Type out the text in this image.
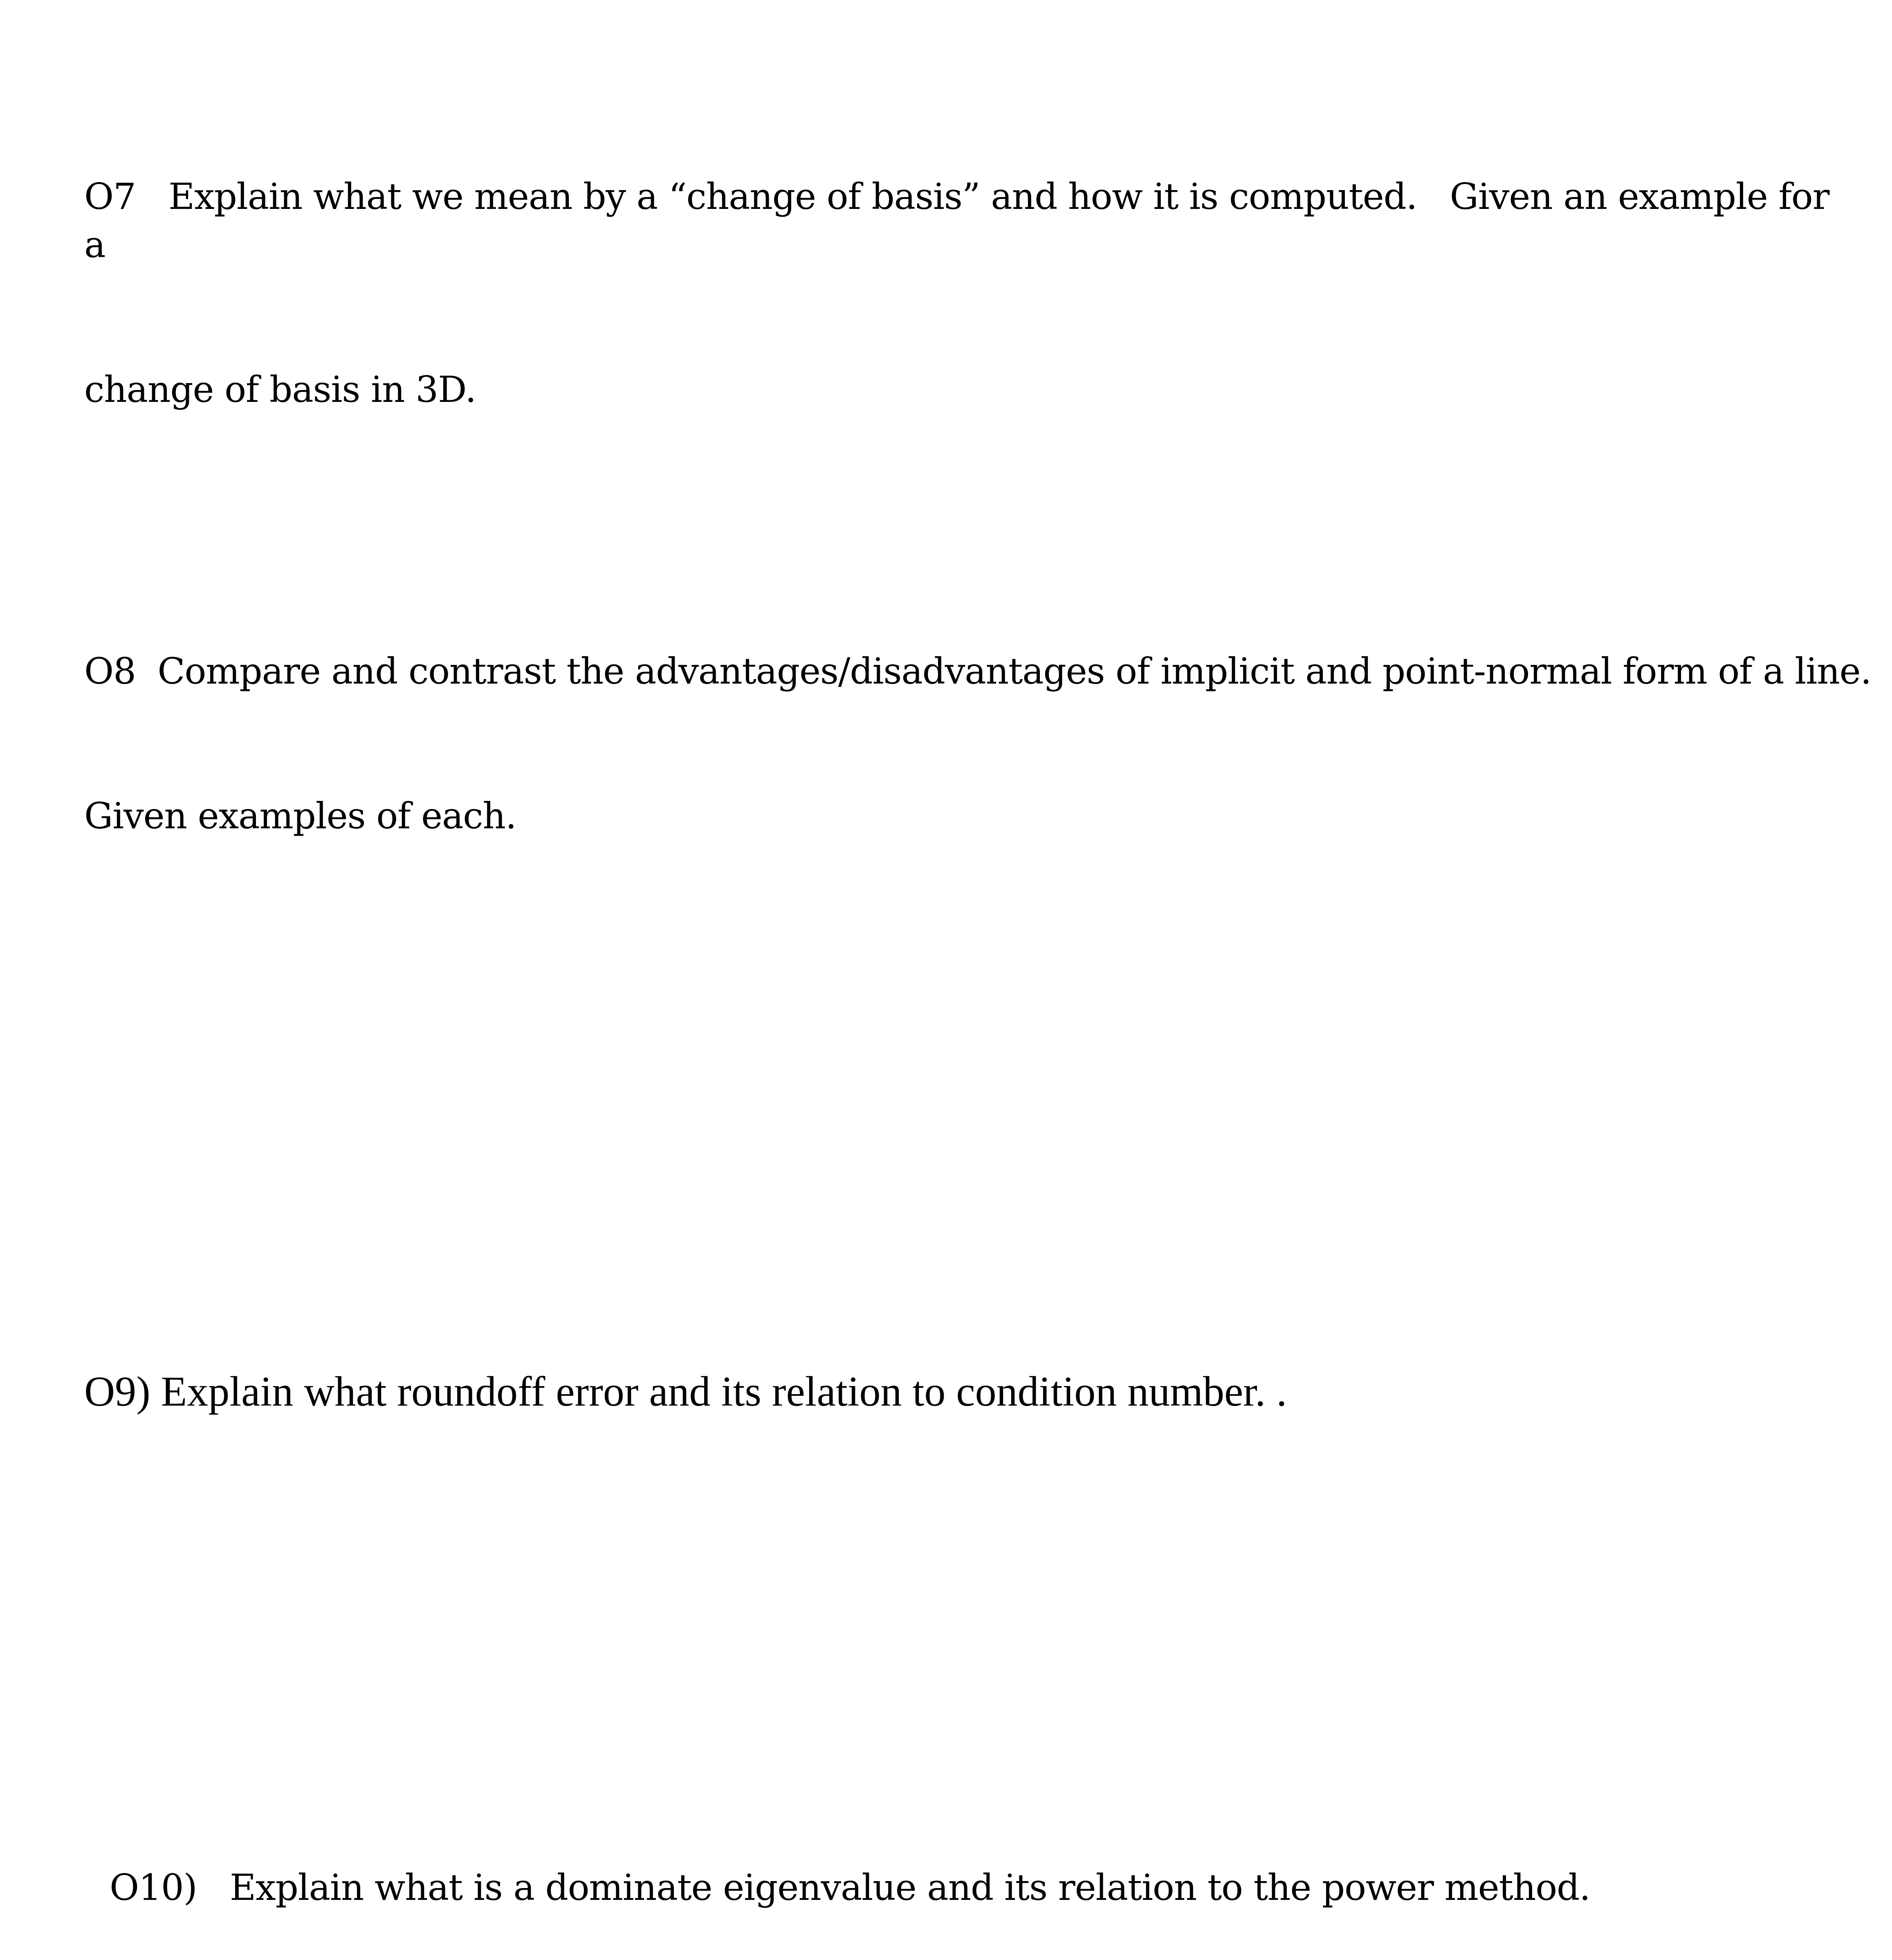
O7   Explain what we mean by a “change of basis” and how it is computed.   Given an example for a

change of basis in 3D.

O8  Compare and contrast the advantages/disadvantages of implicit and point-normal form of a line.

Given examples of each.

O9) Explain what roundoff error and its relation to condition number. .

O10)   Explain what is a dominate eigenvalue and its relation to the power method.
